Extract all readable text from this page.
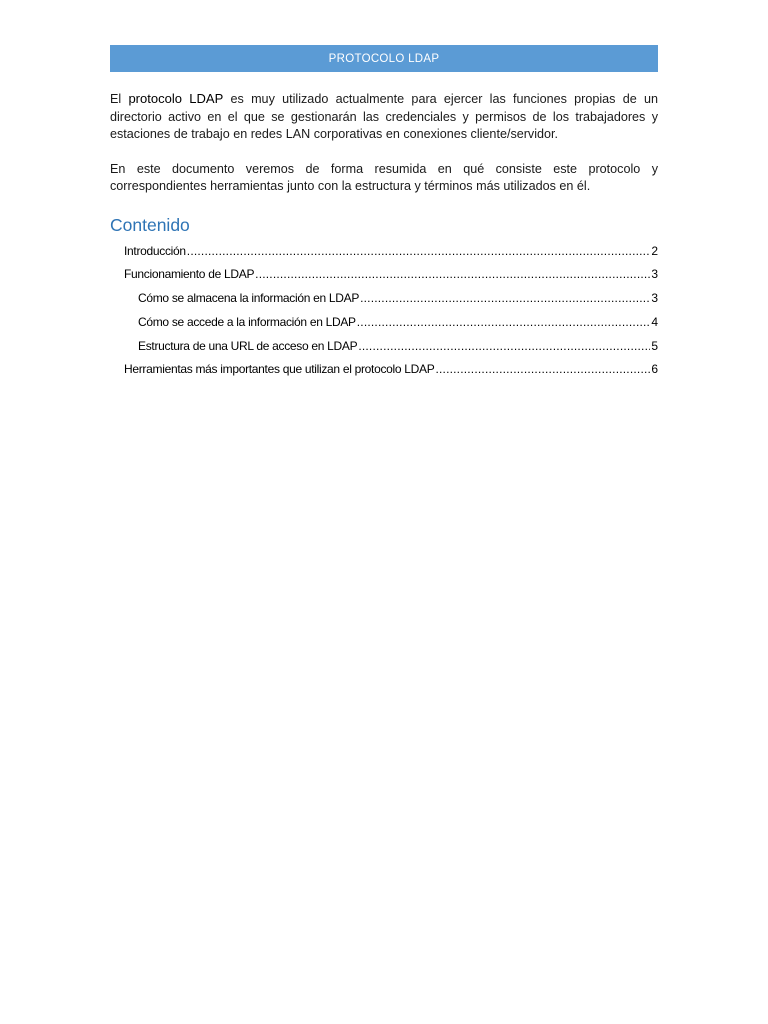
PROTOCOLO LDAP

El protocolo LDAP es muy utilizado actualmente para ejercer las funciones propias de un directorio activo en el que se gestionarán las credenciales y permisos de los trabajadores y estaciones de trabajo en redes LAN corporativas en conexiones cliente/servidor.

En este documento veremos de forma resumida en qué consiste este protocolo y correspondientes herramientas junto con la estructura y términos más utilizados en él.

Contenido
Introducción .....	2
Funcionamiento de LDAP .....	3
Cómo se almacena la información en LDAP .....	3
Cómo se accede a la información en LDAP .....	4
Estructura de una URL de acceso en LDAP .....	5
Herramientas más importantes que utilizan el protocolo LDAP .....	6
